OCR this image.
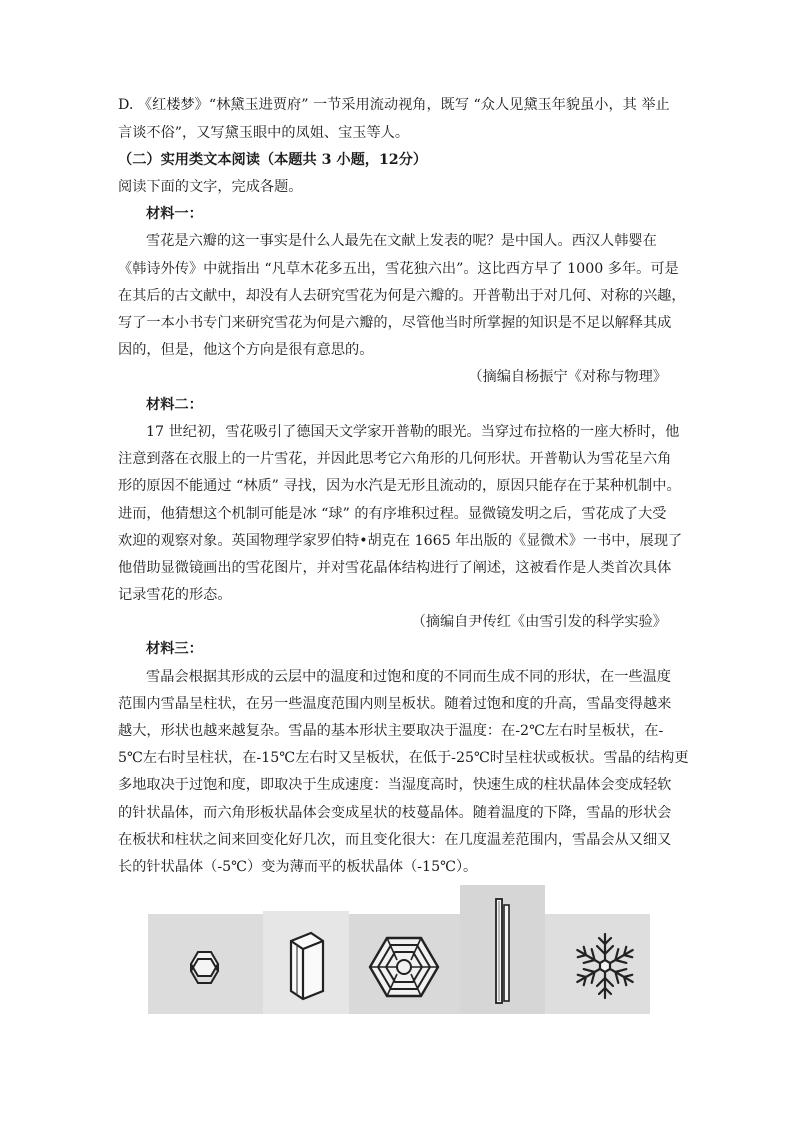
D. 《红楼梦》“林黛玉进贾府” 一节采用流动视角，既写 “众人见黛玉年貌虽小，其 举止
言谈不俗”，又写黛玉眼中的凤姐、宝玉等人。
（二）实用类文本阅读（本题共 3 小题，12分）
阅读下面的文字，完成各题。
材料一：
雪花是六瓣的这一事实是什么人最先在文献上发表的呢？是中国人。西汉人韩婴在
《韩诗外传》中就指出 “凡草木花多五出，雪花独六出”。这比西方早了 1000 多年。可是
在其后的古文献中，却没有人去研究雪花为何是六瓣的。开普勒出于对几何、对称的兴趣，
写了一本小书专门来研究雪花为何是六瓣的，尽管他当时所掌握的知识是不足以解释其成
因的，但是，他这个方向是很有意思的。
（摘编自杨振宁《对称与物理》
材料二：
17 世纪初，雪花吸引了德国天文学家开普勒的眼光。当穿过布拉格的一座大桥时，他
注意到落在衣服上的一片雪花，并因此思考它六角形的几何形状。开普勒认为雪花呈六角
形的原因不能通过 “林质” 寻找，因为水汽是无形且流动的，原因只能存在于某种机制中。
进而，他猜想这个机制可能是冰 “球” 的有序堆积过程。显微镜发明之后，雪花成了大受
欢迎的观察对象。英国物理学家罗伯特•胡克在 1665 年出版的《显微术》一书中，展现了
他借助显微镜画出的雪花图片，并对雪花晶体结构进行了阐述，这被看作是人类首次具体
记录雪花的形态。
（摘编自尹传红《由雪引发的科学实验》
材料三：
雪晶会根据其形成的云层中的温度和过饱和度的不同而生成不同的形状，在一些温度
范围内雪晶呈柱状，在另一些温度范围内则呈板状。随着过饱和度的升高，雪晶变得越来
越大，形状也越来越复杂。雪晶的基本形状主要取决于温度：在-2℃左右时呈板状，在-
5℃左右时呈柱状，在-15℃左右时又呈板状，在低于-25℃时呈柱状或板状。雪晶的结构更
多地取决于过饱和度，即取决于生成速度：当湿度高时，快速生成的柱状晶体会变成轻软
的针状晶体，而六角形板状晶体会变成星状的枝蔓晶体。随着温度的下降，雪晶的形状会
在板状和柱状之间来回变化好几次，而且变化很大：在几度温差范围内，雪晶会从又细又
长的针状晶体（-5℃）变为薄而平的板状晶体（-15℃）。
